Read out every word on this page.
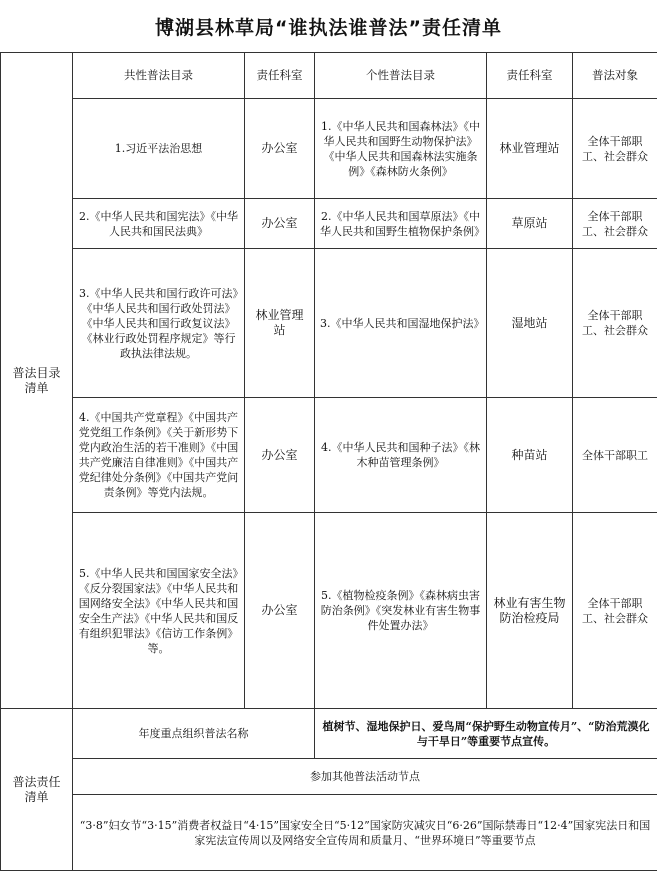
博湖县林草局“谁执法谁普法”责任清单
普法目录清单	共性普法目录	责任科室	个性普法目录	责任科室	普法对象
	1.习近平法治思想	办公室	1.《中华人民共和国森林法》《中华人民共和国野生动物保护法》《中华人民共和国森林法实施条例》《森林防火条例》	林业管理站	全体干部职工、社会群众
	2.《中华人民共和国宪法》《中华人民共和国民法典》	办公室	2.《中华人民共和国草原法》《中华人民共和国野生植物保护条例》	草原站	全体干部职工、社会群众
	3.《中华人民共和国行政许可法》《中华人民共和国行政处罚法》《中华人民共和国行政复议法》《林业行政处罚程序规定》等行政执法律法规。	林业管理站	3.《中华人民共和国湿地保护法》	湿地站	全体干部职工、社会群众
	4.《中国共产党章程》《中国共产党党组工作条例》《关于新形势下党内政治生活的若干准则》《中国共产党廉洁自律准则》《中国共产党纪律处分条例》《中国共产党问责条例》等党内法规。	办公室	4.《中华人民共和国种子法》《林木种苗管理条例》	种苗站	全体干部职工
	5.《中华人民共和国国家安全法》《反分裂国家法》《中华人民共和国网络安全法》《中华人民共和国安全生产法》《中华人民共和国反有组织犯罪法》《信访工作条例》等。	办公室	5.《植物检疫条例》《森林病虫害防治条例》《突发林业有害生物事件处置办法》	林业有害生物防治检疫局	全体干部职工、社会群众
普法责任清单	年度重点组织普法名称		植树节、湿地保护日、爱鸟周“保护野生动物宣传月”、“防治荒漠化与干旱日”等重要节点宣传。		
	参加其他普法活动节点				
	“3·8”妇女节“3·15”消费者权益日“4·15”国家安全日“5·12”国家防灾减灾日“6·26”国际禁毒日“12·4”国家宪法日和国家宪法宣传周以及网络安全宣传周和质量月、“世界环境日”等重要节点				
